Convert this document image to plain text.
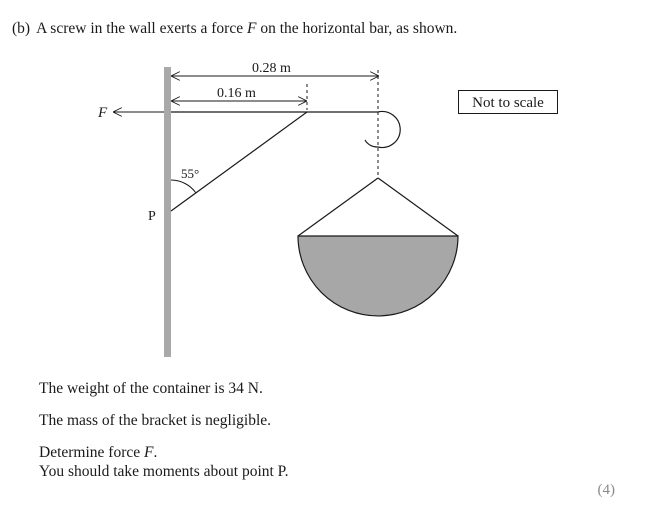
(b) A screw in the wall exerts a force F on the horizontal bar, as shown.
0.28 m
0.16 m
F
55°
P
Not to scale
The weight of the container is 34 N.
The mass of the bracket is negligible.
Determine force F.
You should take moments about point P.
(4)
